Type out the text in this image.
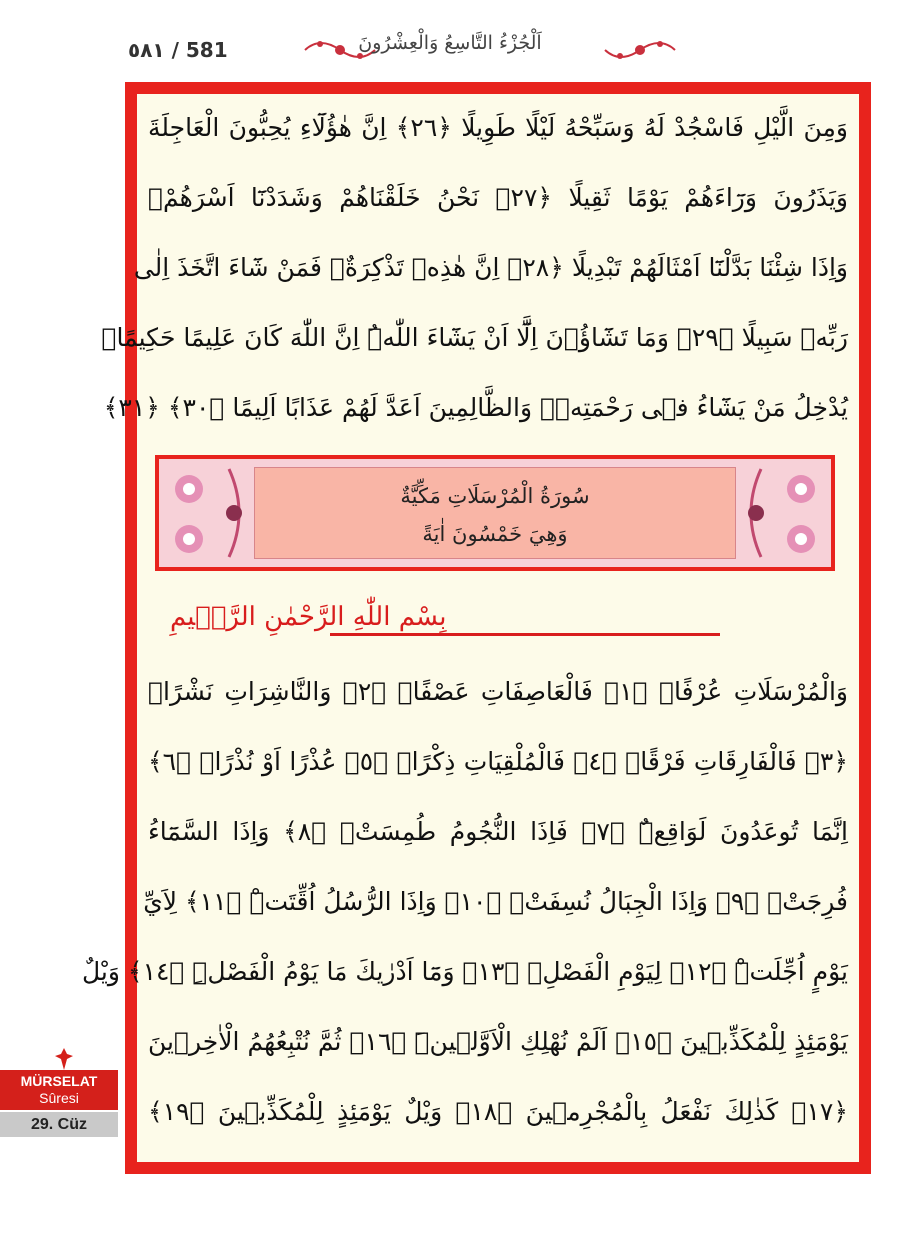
٥٨١ / 581	اَلْجُزْءُ التَّاسِعُ وَالْعِشْرُونَ
وَمِنَ الَّيْلِ فَاسْجُدْ لَهُ وَسَبِّحْهُ لَيْلًا طَوِيلًا ﴿٢٦﴾ اِنَّ هٰؤُلَٓاءِ يُحِبُّونَ الْعَاجِلَةَ
وَيَذَرُونَ وَرَٓاءَهُمْ يَوْمًا ثَقِيلًا ﴿٢٧﴾ نَحْنُ خَلَقْنَاهُمْ وَشَدَدْنَٓا اَسْرَهُمْۚ
وَاِذَا شِئْنَا بَدَّلْنَٓا اَمْثَالَهُمْ تَبْدِيلًا ﴿٢٨﴾ اِنَّ هٰذِهٖ تَذْكِرَةٌۚ فَمَنْ شَٓاءَ اتَّخَذَ اِلٰى
رَبِّهٖ سَبِيلًا ﴿٢٩﴾ وَمَا تَشَٓاؤُ۫نَ اِلَّٓا اَنْ يَشَٓاءَ اللّٰهُۜ اِنَّ اللّٰهَ كَانَ عَلِيمًا حَكِيمًاۗ
يُدْخِلُ مَنْ يَشَٓاءُ فٖى رَحْمَتِهٖۜ وَالظَّالِمِينَ اَعَدَّ لَهُمْ عَذَابًا اَلِيمًا ﴿٣٠﴾ ﴿٣١﴾
سُورَةُ الْمُرْسَلَاتِ مَكِّيَّةٌ
وَهِيَ خَمْسُونَ اٰيَةً
بِسْمِ اللّٰهِ الرَّحْمٰنِ الرَّح۪يمِ
وَالْمُرْسَلَاتِ عُرْفًاۙ ﴿١﴾ فَالْعَاصِفَاتِ عَصْفًاۙ ﴿٢﴾ وَالنَّاشِرَاتِ نَشْرًاۙ
﴿٣﴾ فَالْفَارِقَاتِ فَرْقًاۙ ﴿٤﴾ فَالْمُلْقِيَاتِ ذِكْرًاۙ ﴿٥﴾ عُذْرًا اَوْ نُذْرًاۙ ﴿٦﴾
اِنَّمَا تُوعَدُونَ لَوَاقِعٌۜ ﴿٧﴾ فَاِذَا النُّجُومُ طُمِسَتْۙ ﴿٨﴾ وَاِذَا السَّمَٓاءُ
فُرِجَتْۙ ﴿٩﴾ وَاِذَا الْجِبَالُ نُسِفَتْۙ ﴿١٠﴾ وَاِذَا الرُّسُلُ اُقِّتَتْۜ ﴿١١﴾ لِاَيِّ
يَوْمٍ اُجِّلَتْۜ ﴿١٢﴾ لِيَوْمِ الْفَصْلِۚ ﴿١٣﴾ وَمَٓا اَدْرٰيكَ مَا يَوْمُ الْفَصْلِۜ ﴿١٤﴾ وَيْلٌ
يَوْمَئِذٍ لِلْمُكَذِّب۪ينَ ﴿١٥﴾ اَلَمْ نُهْلِكِ الْاَوَّل۪ينَۜ ﴿١٦﴾ ثُمَّ نُتْبِعُهُمُ الْاٰخِر۪ينَ
﴿١٧﴾ كَذٰلِكَ نَفْعَلُ بِالْمُجْرِم۪ينَ ﴿١٨﴾ وَيْلٌ يَوْمَئِذٍ لِلْمُكَذِّب۪ينَ ﴿١٩﴾
MÜRSELAT
Sûresi
29. Cüz
